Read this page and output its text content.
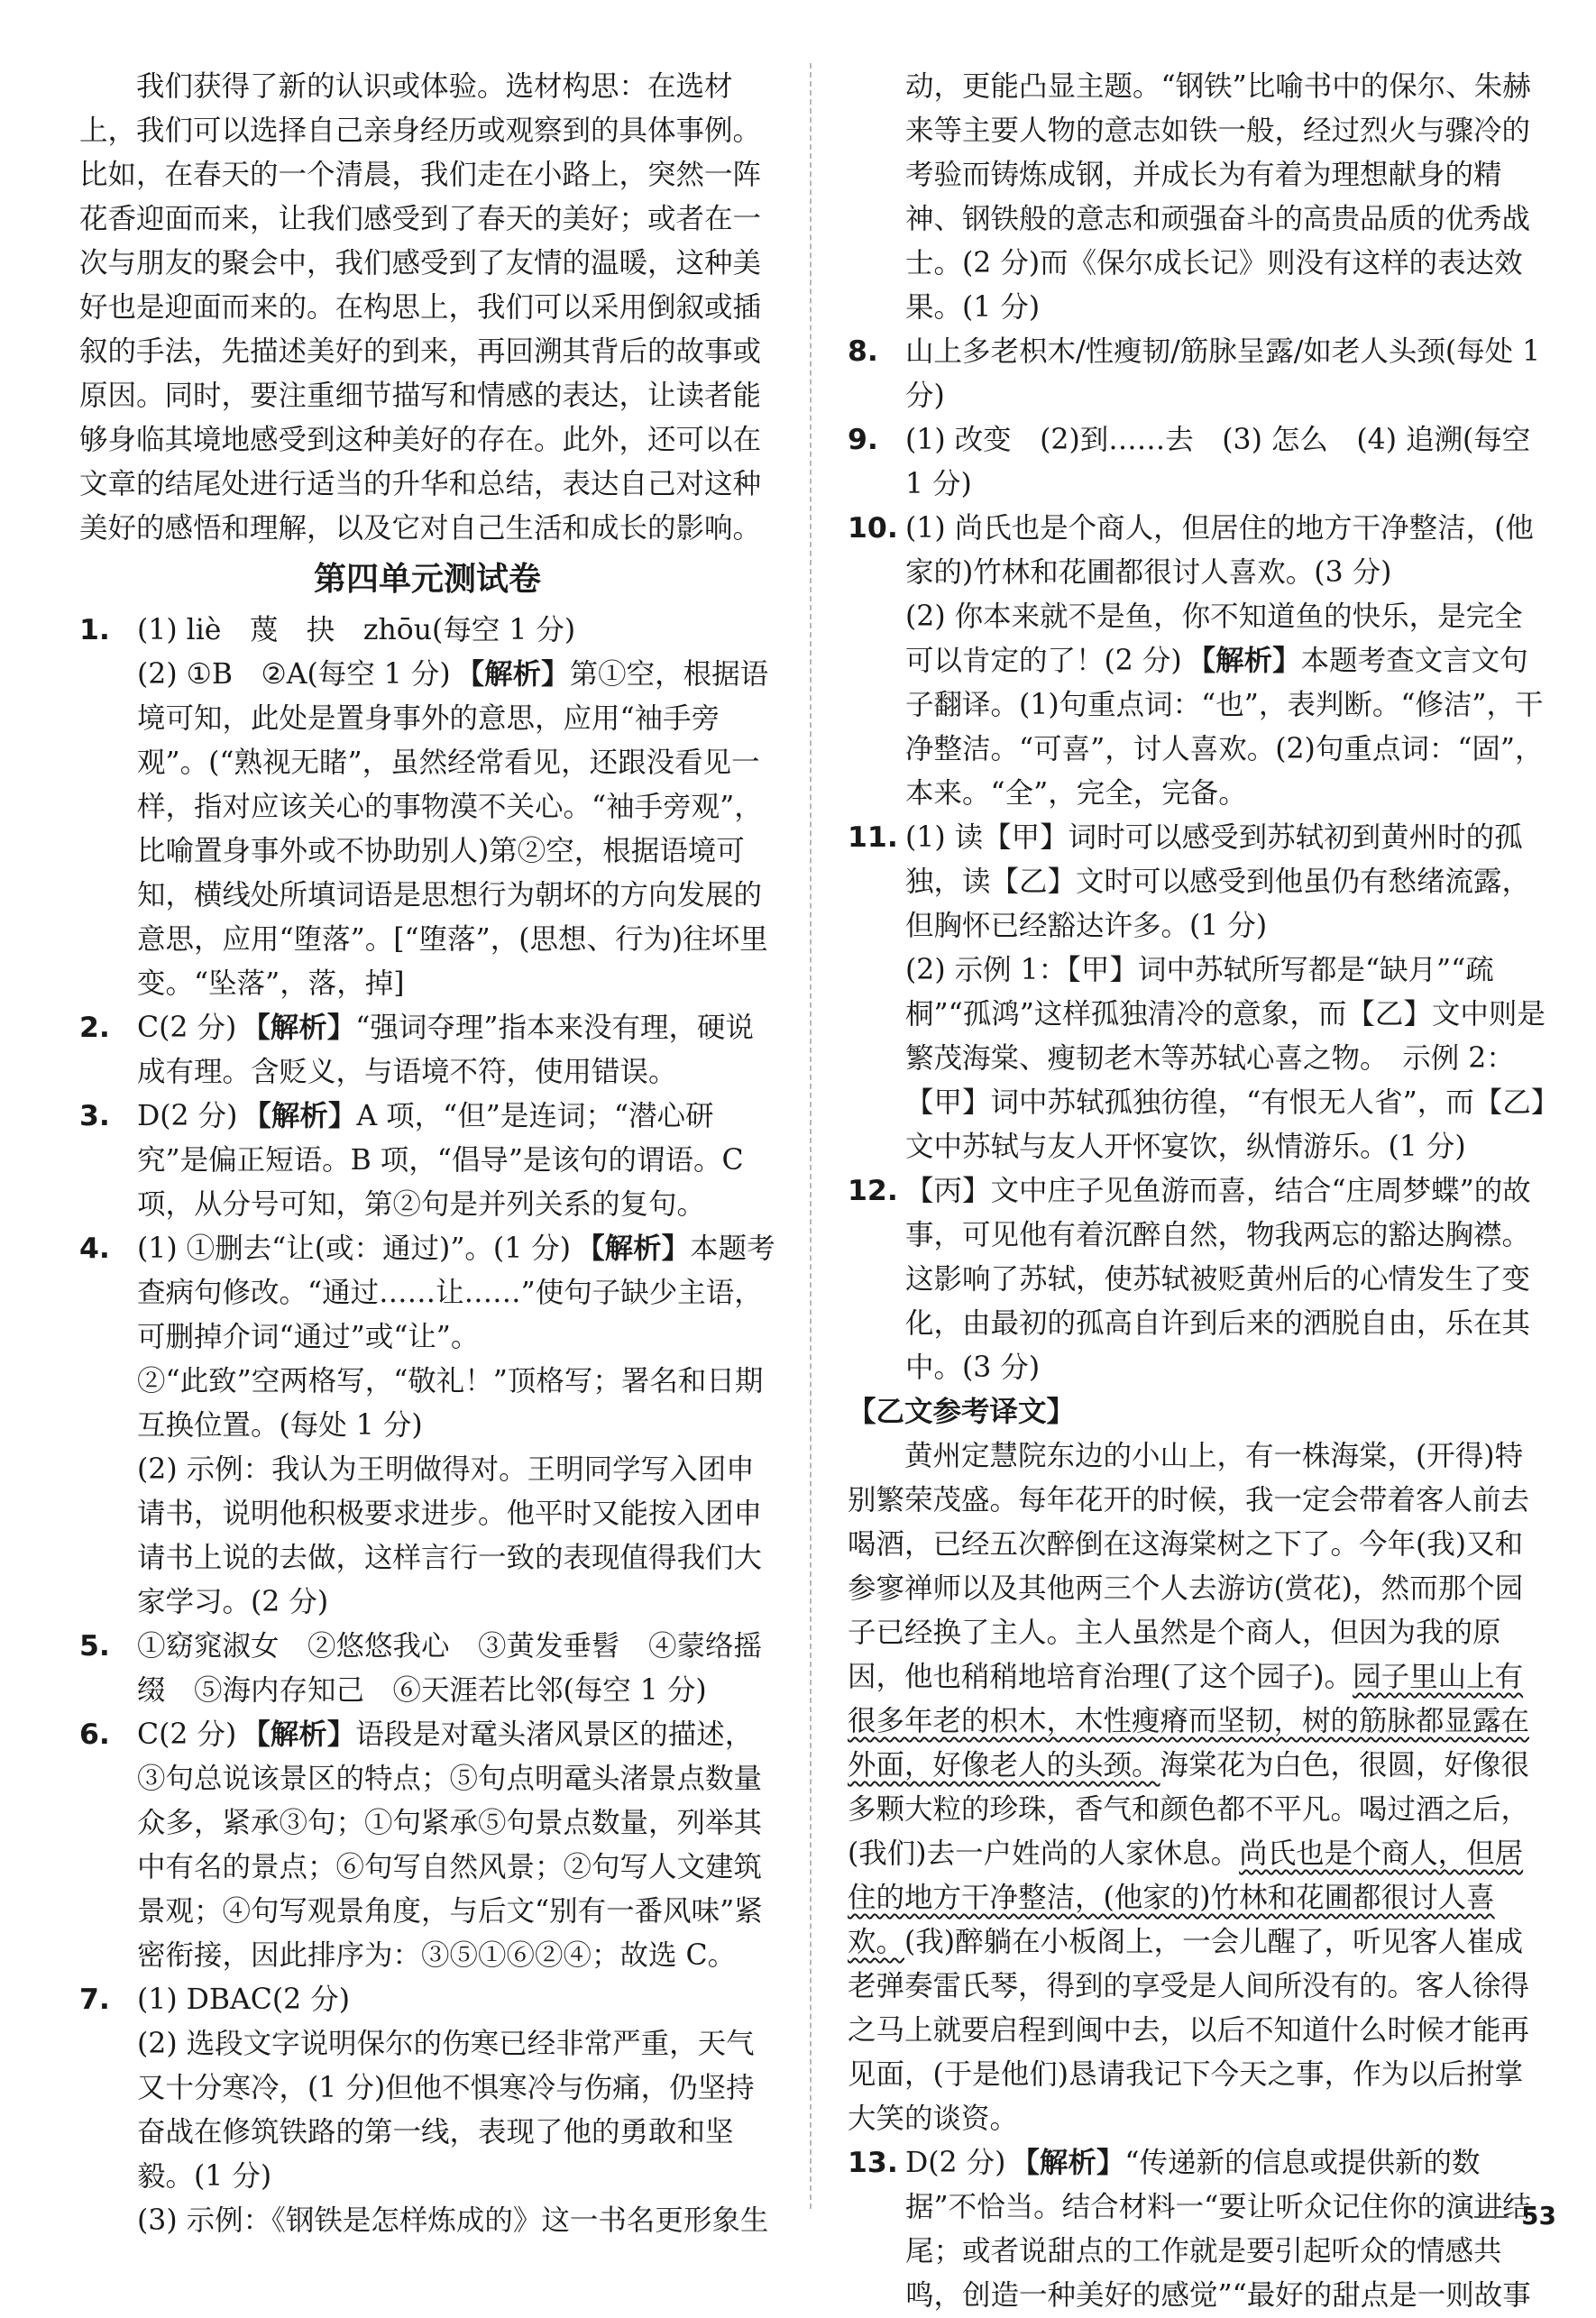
我们获得了新的认识或体验。选材构思：在选材上，我们可以选择自己亲身经历或观察到的具体事例。比如，在春天的一个清晨，我们走在小路上，突然一阵花香迎面而来，让我们感受到了春天的美好；或者在一次与朋友的聚会中，我们感受到了友情的温暖，这种美好也是迎面而来的。在构思上，我们可以采用倒叙或插叙的手法，先描述美好的到来，再回溯其背后的故事或原因。同时，要注重细节描写和情感的表达，让读者能够身临其境地感受到这种美好的存在。此外，还可以在文章的结尾处进行适当的升华和总结，表达自己对这种美好的感悟和理解，以及它对自己生活和成长的影响。

第四单元测试卷
1. (1) liè　蔑　抉　zhōu(每空 1 分)

(2) ①B　②A(每空 1 分) 【解析】第①空，根据语境可知，此处是置身事外的意思，应用“袖手旁观”。(“熟视无睹”，虽然经常看见，还跟没看见一样，指对应该关心的事物漠不关心。“袖手旁观”，比喻置身事外或不协助别人)第②空，根据语境可知，横线处所填词语是思想行为朝坏的方向发展的意思，应用“堕落”。[“堕落”，(思想、行为)往坏里变。“坠落”，落，掉]

2. C(2 分) 【解析】“强词夺理”指本来没有理，硬说成有理。含贬义，与语境不符，使用错误。

3. D(2 分) 【解析】A 项，“但”是连词；“潜心研究”是偏正短语。B 项，“倡导”是该句的谓语。C 项，从分号可知，第②句是并列关系的复句。

4. (1) ①删去“让(或：通过)”。(1 分) 【解析】本题考查病句修改。“通过……让……”使句子缺少主语，可删掉介词“通过”或“让”。

②“此致”空两格写，“敬礼！”顶格写；署名和日期互换位置。(每处 1 分)

(2) 示例：我认为王明做得对。王明同学写入团申请书，说明他积极要求进步。他平时又能按入团申请书上说的去做，这样言行一致的表现值得我们大家学习。(2 分)

5. ①窈窕淑女　②悠悠我心　③黄发垂髫　④蒙络摇缀　⑤海内存知己　⑥天涯若比邻(每空 1 分)

6. C(2 分) 【解析】语段是对鼋头渚风景区的描述，③句总说该景区的特点；⑤句点明鼋头渚景点数量众多，紧承③句；①句紧承⑤句景点数量，列举其中有名的景点；⑥句写自然风景；②句写人文建筑景观；④句写观景角度，与后文“别有一番风味”紧密衔接，因此排序为：③⑤①⑥②④；故选 C。

7. (1) DBAC(2 分)

(2) 选段文字说明保尔的伤寒已经非常严重，天气又十分寒冷，(1 分)但他不惧寒冷与伤痛，仍坚持奋战在修筑铁路的第一线，表现了他的勇敢和坚毅。(1 分)

(3) 示例：《钢铁是怎样炼成的》这一书名更形象生

动，更能凸显主题。“钢铁”比喻书中的保尔、朱赫来等主要人物的意志如铁一般，经过烈火与骤冷的考验而铸炼成钢，并成长为有着为理想献身的精神、钢铁般的意志和顽强奋斗的高贵品质的优秀战士。(2 分)而《保尔成长记》则没有这样的表达效果。(1 分)

8. 山上多老枳木/性瘦韧/筋脉呈露/如老人头颈(每处 1 分)

9. (1) 改变　(2)到……去　(3) 怎么　(4) 追溯(每空 1 分)

10. (1) 尚氏也是个商人，但居住的地方干净整洁，(他家的)竹林和花圃都很讨人喜欢。(3 分)

(2) 你本来就不是鱼，你不知道鱼的快乐，是完全可以肯定的了！(2 分) 【解析】本题考查文言文句子翻译。(1)句重点词：“也”，表判断。“修洁”，干净整洁。“可喜”，讨人喜欢。(2)句重点词：“固”，本来。“全”，完全，完备。

11. (1) 读【甲】词时可以感受到苏轼初到黄州时的孤独，读【乙】文时可以感受到他虽仍有愁绪流露，但胸怀已经豁达许多。(1 分)

(2) 示例 1：【甲】词中苏轼所写都是“缺月”“疏桐”“孤鸿”这样孤独清冷的意象，而【乙】文中则是繁茂海棠、瘦韧老木等苏轼心喜之物。　示例 2：【甲】词中苏轼孤独彷徨，“有恨无人省”，而【乙】文中苏轼与友人开怀宴饮，纵情游乐。(1 分)

12. 【丙】文中庄子见鱼游而喜，结合“庄周梦蝶”的故事，可见他有着沉醉自然，物我两忘的豁达胸襟。这影响了苏轼，使苏轼被贬黄州后的心情发生了变化，由最初的孤高自许到后来的洒脱自由，乐在其中。(3 分)

【乙文参考译文】

黄州定慧院东边的小山上，有一株海棠，(开得)特别繁荣茂盛。每年花开的时候，我一定会带着客人前去喝酒，已经五次醉倒在这海棠树之下了。今年(我)又和参寥禅师以及其他两三个人去游访(赏花)，然而那个园子已经换了主人。主人虽然是个商人，但因为我的原因，他也稍稍地培育治理(了这个园子)。园子里山上有很多年老的枳木，木性瘦瘠而坚韧，树的筋脉都显露在外面，好像老人的头颈。海棠花为白色，很圆，好像很多颗大粒的珍珠，香气和颜色都不平凡。喝过酒之后，(我们)去一户姓尚的人家休息。尚氏也是个商人，但居住的地方干净整洁，(他家的)竹林和花圃都很讨人喜欢。(我)醉躺在小板阁上，一会儿醒了，听见客人崔成老弹奏雷氏琴，得到的享受是人间所没有的。客人徐得之马上就要启程到闽中去，以后不知道什么时候才能再见面，(于是他们)恳请我记下今天之事，作为以后拊掌大笑的谈资。

13. D(2 分) 【解析】“传递新的信息或提供新的数据”不恰当。结合材料一“要让听众记住你的演讲结尾；或者说甜点的工作就是要引起听众的情感共鸣，创造一种美好的感觉”“最好的甜点是一则故事

53
